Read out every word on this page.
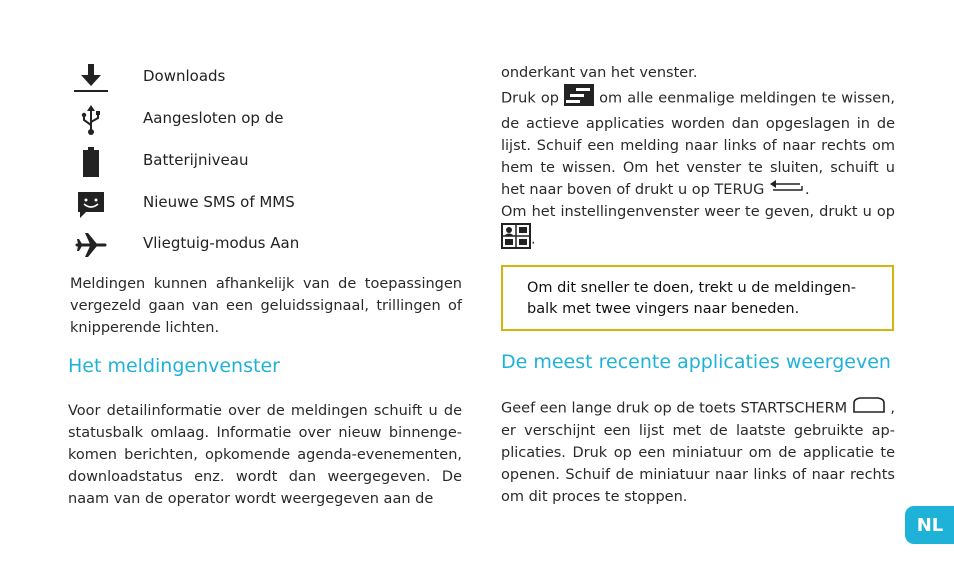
Downloads
Aangesloten op de
Batterijniveau
Nieuwe SMS of MMS
Vliegtuig-modus Aan
Meldingen kunnen afhankelijk van de toepassingen vergezeld gaan van een geluidssignaal, trillingen of knipperende lichten.
Het meldingenvenster
Voor detailinformatie over de meldingen schuift u de statusbalk omlaag. Informatie over nieuw binnenge-komen berichten, opkomende agenda-evenementen, downloadstatus enz. wordt dan weergegeven. De naam van de operator wordt weergegeven aan de
onderkant van het venster.
Druk op	om alle eenmalige meldingen te wissen, de actieve applicaties worden dan opgeslagen in de lijst. Schuif een melding naar links of naar rechts om hem te wissen. Om het venster te sluiten, schuift u het naar boven of drukt u op TERUG	.
Om het instellingenvenster weer te geven, drukt u op .
Om dit sneller te doen, trekt u de meldingen-balk met twee vingers naar beneden.
De meest recente applicaties weergeven
Geef een lange druk op de toets STARTSCHERM	, er verschijnt een lijst met de laatste gebruikte ap-plicaties. Druk op een miniatuur om de applicatie te openen. Schuif de miniatuur naar links of naar rechts om dit proces te stoppen.
NL
